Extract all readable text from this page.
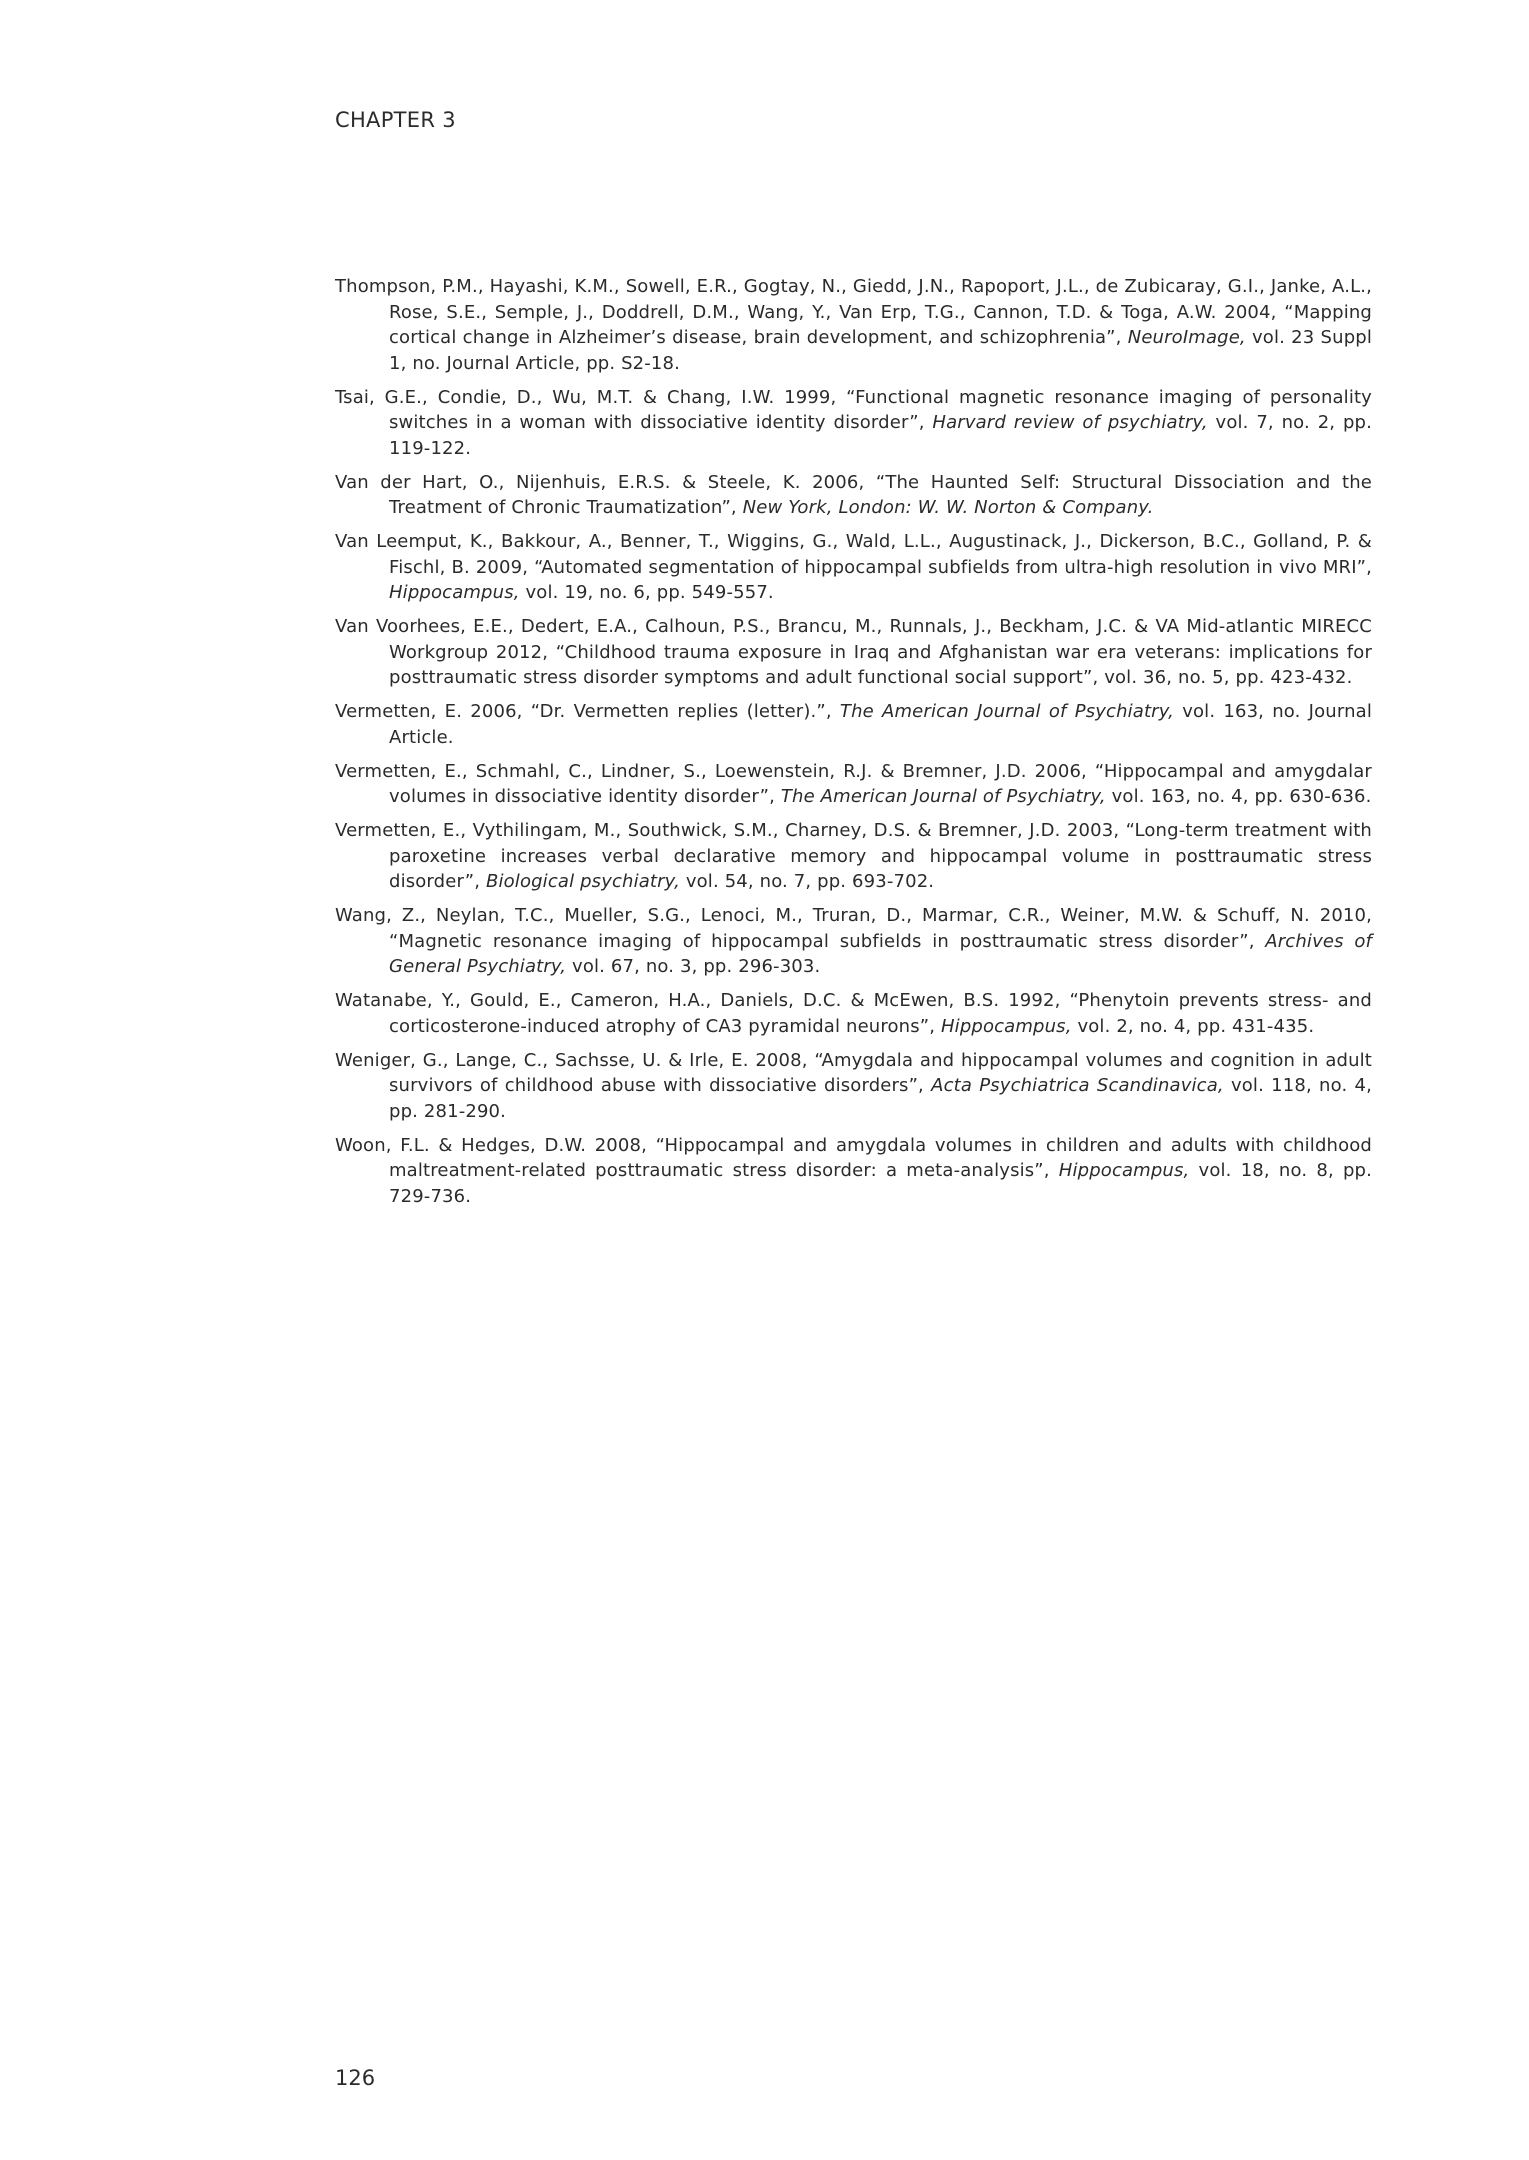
CHAPTER 3

Thompson, P.M., Hayashi, K.M., Sowell, E.R., Gogtay, N., Giedd, J.N., Rapoport, J.L., de Zubicaray, G.I., Janke, A.L., Rose, S.E., Semple, J., Doddrell, D.M., Wang, Y., Van Erp, T.G., Cannon, T.D. & Toga, A.W. 2004, “Mapping cortical change in Alzheimer’s disease, brain development, and schizophrenia”, NeuroImage, vol. 23 Suppl 1, no. Journal Article, pp. S2-18.

Tsai, G.E., Condie, D., Wu, M.T. & Chang, I.W. 1999, “Functional magnetic resonance imaging of personality switches in a woman with dissociative identity disorder”, Harvard review of psychiatry, vol. 7, no. 2, pp. 119-122.

Van der Hart, O., Nijenhuis, E.R.S. & Steele, K. 2006, “The Haunted Self: Structural Dissociation and the Treatment of Chronic Traumatization”, New York, London: W. W. Norton & Company.

Van Leemput, K., Bakkour, A., Benner, T., Wiggins, G., Wald, L.L., Augustinack, J., Dickerson, B.C., Golland, P. & Fischl, B. 2009, “Automated segmentation of hippocampal subfields from ultra-high resolution in vivo MRI”, Hippocampus, vol. 19, no. 6, pp. 549-557.

Van Voorhees, E.E., Dedert, E.A., Calhoun, P.S., Brancu, M., Runnals, J., Beckham, J.C. & VA Mid-atlantic MIRECC Workgroup 2012, “Childhood trauma exposure in Iraq and Afghanistan war era veterans: implications for posttraumatic stress disorder symptoms and adult functional social support”, vol. 36, no. 5, pp. 423-432.

Vermetten, E. 2006, “Dr. Vermetten replies (letter).”, The American Journal of Psychiatry, vol. 163, no. Journal Article.

Vermetten, E., Schmahl, C., Lindner, S., Loewenstein, R.J. & Bremner, J.D. 2006, “Hippocampal and amygdalar volumes in dissociative identity disorder”, The American Journal of Psychiatry, vol. 163, no. 4, pp. 630-636.

Vermetten, E., Vythilingam, M., Southwick, S.M., Charney, D.S. & Bremner, J.D. 2003, “Long-term treatment with paroxetine increases verbal declarative memory and hippocampal volume in posttraumatic stress disorder”, Biological psychiatry, vol. 54, no. 7, pp. 693-702.

Wang, Z., Neylan, T.C., Mueller, S.G., Lenoci, M., Truran, D., Marmar, C.R., Weiner, M.W. & Schuff, N. 2010, “Magnetic resonance imaging of hippocampal subfields in posttraumatic stress disorder”, Archives of General Psychiatry, vol. 67, no. 3, pp. 296-303.

Watanabe, Y., Gould, E., Cameron, H.A., Daniels, D.C. & McEwen, B.S. 1992, “Phenytoin prevents stress- and corticosterone-induced atrophy of CA3 pyramidal neurons”, Hippocampus, vol. 2, no. 4, pp. 431-435.

Weniger, G., Lange, C., Sachsse, U. & Irle, E. 2008, “Amygdala and hippocampal volumes and cognition in adult survivors of childhood abuse with dissociative disorders”, Acta Psychiatrica Scandinavica, vol. 118, no. 4, pp. 281-290.

Woon, F.L. & Hedges, D.W. 2008, “Hippocampal and amygdala volumes in children and adults with childhood maltreatment-related posttraumatic stress disorder: a meta-analysis”, Hippocampus, vol. 18, no. 8, pp. 729-736.

126
